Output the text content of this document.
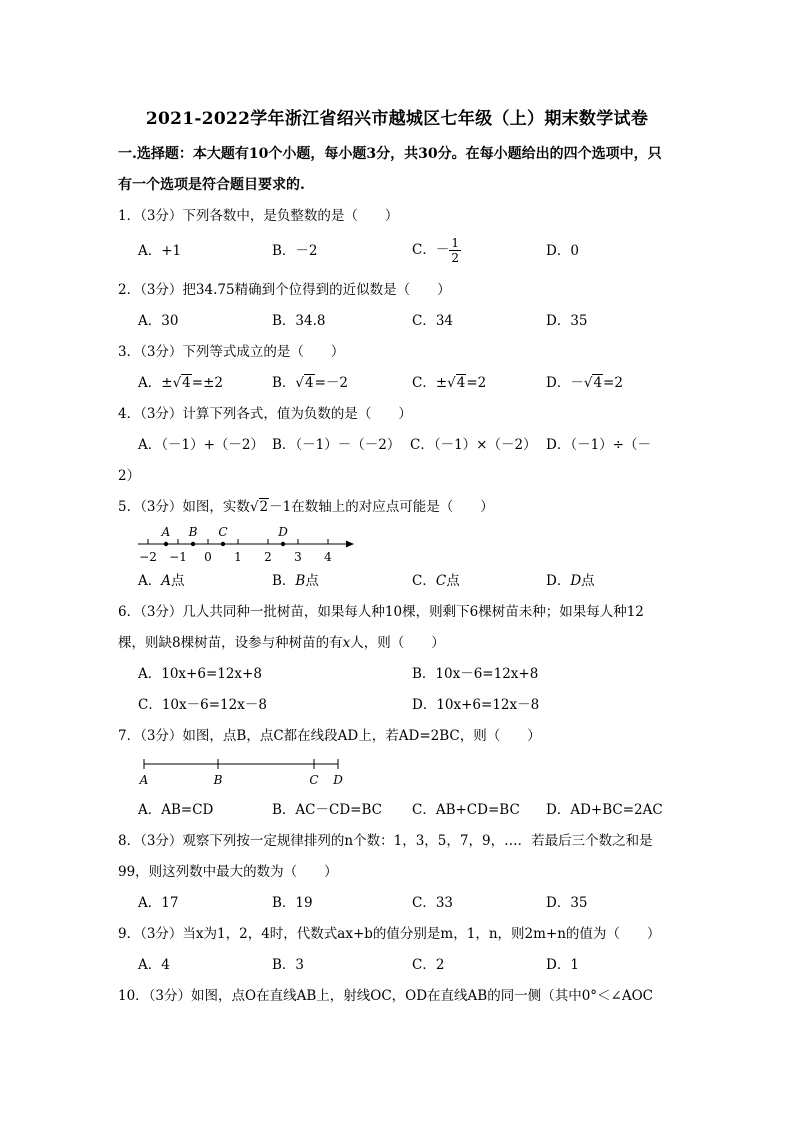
2021-2022学年浙江省绍兴市越城区七年级（上）期末数学试卷
一.选择题：本大题有10个小题，每小题3分，共30分。在每小题给出的四个选项中，只
有一个选项是符合题目要求的.
1．（3分）下列各数中，是负整数的是（　　）
A．+1	B．－2	C．－ $\frac{1}{2}$	D．0
2．（3分）把34.75精确到个位得到的近似数是（　　）
A．30	B．34.8	C．34	D．35
3．（3分）下列等式成立的是（　　）
A．±√4=±2	B．√4=－2	C．±√4=2	D．－√4=2
4．（3分）计算下列各式，值为负数的是（　　）
A．（－1）+（－2） B．（－1）－（－2） C．（－1）×（－2） D．（－1）÷（－
2）
5．（3分）如图，实数√2－1在数轴上的对应点可能是（　　）
−2 −1 0 1 2 3 4
A B C	D
A．A点	B．B点	C．C点	D．D点
6．（3分）几人共同种一批树苗，如果每人种10棵，则剩下6棵树苗未种；如果每人种12
棵，则缺8棵树苗，设参与种树苗的有x人，则（　　）
A．10x+6=12x+8	B．10x－6=12x+8
C．10x－6=12x－8	D．10x+6=12x－8
7．（3分）如图，点B，点C都在线段AD上，若AD=2BC，则（　　）
A	B	C D
A．AB=CD	B．AC－CD=BC C．AB+CD=BC D．AD+BC=2AC
8．（3分）观察下列按一定规律排列的n个数：1，3，5，7，9，…．若最后三个数之和是
99，则这列数中最大的数为（　　）
A．17	B．19	C．33	D．35
9．（3分）当x为1，2，4时，代数式ax+b的值分别是m，1，n，则2m+n的值为（　　）
A．4	B．3	C．2	D．1
10．（3分）如图，点O在直线AB上，射线OC，OD在直线AB的同一侧（其中0°＜∠AOC
